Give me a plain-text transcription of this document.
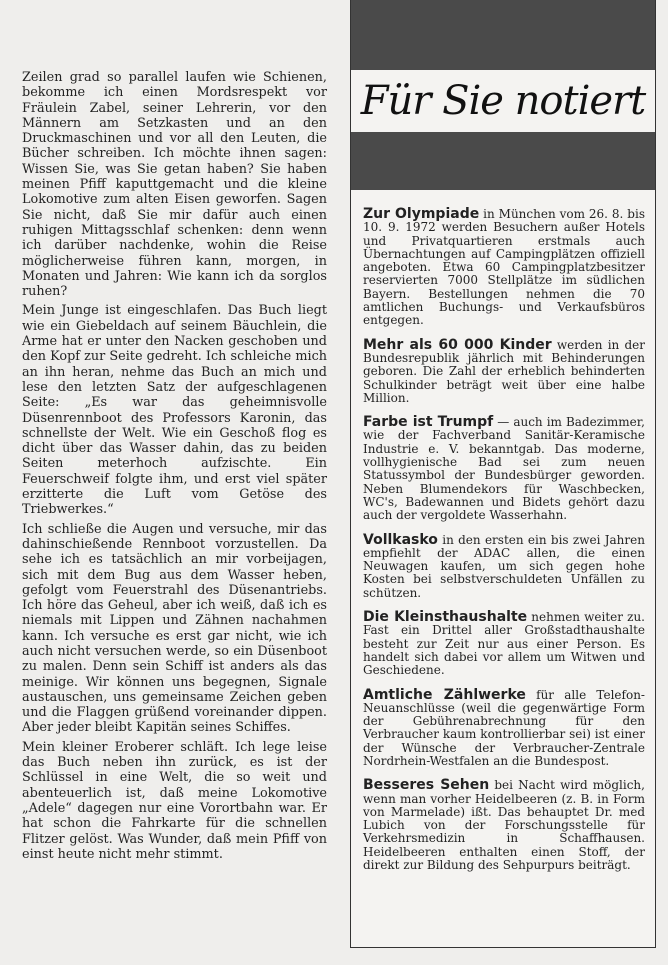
Zeilen grad so parallel laufen wie Schienen, bekomme ich einen Mordsrespekt vor Fräulein Zabel, seiner Lehrerin, vor den Männern am Setzkasten und an den Druckmaschinen und vor all den Leuten, die Bücher schreiben. Ich möchte ihnen sagen: Wissen Sie, was Sie getan haben? Sie haben meinen Pfiff kaputtgemacht und die kleine Lokomotive zum alten Eisen geworfen. Sagen Sie nicht, daß Sie mir dafür auch einen ruhigen Mittagsschlaf schenken: denn wenn ich darüber nachdenke, wohin die Reise möglicherweise führen kann, morgen, in Monaten und Jahren: Wie kann ich da sorglos ruhen?

Mein Junge ist eingeschlafen. Das Buch liegt wie ein Giebeldach auf seinem Bäuchlein, die Arme hat er unter den Nacken geschoben und den Kopf zur Seite gedreht. Ich schleiche mich an ihn heran, nehme das Buch an mich und lese den letzten Satz der aufgeschlagenen Seite: „Es war das geheimnisvolle Düsenrennboot des Professors Karonin, das schnellste der Welt. Wie ein Geschoß flog es dicht über das Wasser dahin, das zu beiden Seiten meterhoch aufzischte. Ein Feuerschweif folgte ihm, und erst viel später erzitterte die Luft vom Getöse des Triebwerkes.“

Ich schließe die Augen und versuche, mir das dahinschießende Rennboot vorzustellen. Da sehe ich es tatsächlich an mir vorbeijagen, sich mit dem Bug aus dem Wasser heben, gefolgt vom Feuerstrahl des Düsenantriebs. Ich höre das Geheul, aber ich weiß, daß ich es niemals mit Lippen und Zähnen nachahmen kann. Ich versuche es erst gar nicht, wie ich auch nicht versuchen werde, so ein Düsenboot zu malen. Denn sein Schiff ist anders als das meinige. Wir können uns begegnen, Signale austauschen, uns gemeinsame Zeichen geben und die Flaggen grüßend voreinander dippen. Aber jeder bleibt Kapitän seines Schiffes.

Mein kleiner Eroberer schläft. Ich lege leise das Buch neben ihn zurück, es ist der Schlüssel in eine Welt, die so weit und abenteuerlich ist, daß meine Lokomotive „Adele“ dagegen nur eine Vorortbahn war. Er hat schon die Fahrkarte für die schnellen Flitzer gelöst. Was Wunder, daß mein Pfiff von einst heute nicht mehr stimmt.

Für Sie notiert
Zur Olympiade in München vom 26. 8. bis 10. 9. 1972 werden Besuchern außer Hotels und Privatquartieren erstmals auch Übernachtungen auf Campingplätzen offiziell angeboten. Etwa 60 Campingplatzbesitzer reservierten 7000 Stellplätze im südlichen Bayern. Bestellungen nehmen die 70 amtlichen Buchungs- und Verkaufsbüros entgegen.
Mehr als 60 000 Kinder werden in der Bundesrepublik jährlich mit Behinderungen geboren. Die Zahl der erheblich behinderten Schulkinder beträgt weit über eine halbe Million.
Farbe ist Trumpf — auch im Badezimmer, wie der Fachverband Sanitär-Keramische Industrie e. V. bekanntgab. Das moderne, vollhygienische Bad sei zum neuen Statussymbol der Bundesbürger geworden. Neben Blumendekors für Waschbecken, WC's, Badewannen und Bidets gehört dazu auch der vergoldete Wasserhahn.
Vollkasko in den ersten ein bis zwei Jahren empfiehlt der ADAC allen, die einen Neuwagen kaufen, um sich gegen hohe Kosten bei selbstverschuldeten Unfällen zu schützen.
Die Kleinsthaushalte nehmen weiter zu. Fast ein Drittel aller Großstadthaushalte besteht zur Zeit nur aus einer Person. Es handelt sich dabei vor allem um Witwen und Geschiedene.
Amtliche Zählwerke für alle Telefon-Neuanschlüsse (weil die gegenwärtige Form der Gebührenabrechnung für den Verbraucher kaum kontrollierbar sei) ist einer der Wünsche der Verbraucher-Zentrale Nordrhein-Westfalen an die Bundespost.
Besseres Sehen bei Nacht wird möglich, wenn man vorher Heidelbeeren (z. B. in Form von Marmelade) ißt. Das behauptet Dr. med Lubich von der Forschungsstelle für Verkehrsmedizin in Schaffhausen. Heidelbeeren enthalten einen Stoff, der direkt zur Bildung des Sehpurpurs beiträgt.
